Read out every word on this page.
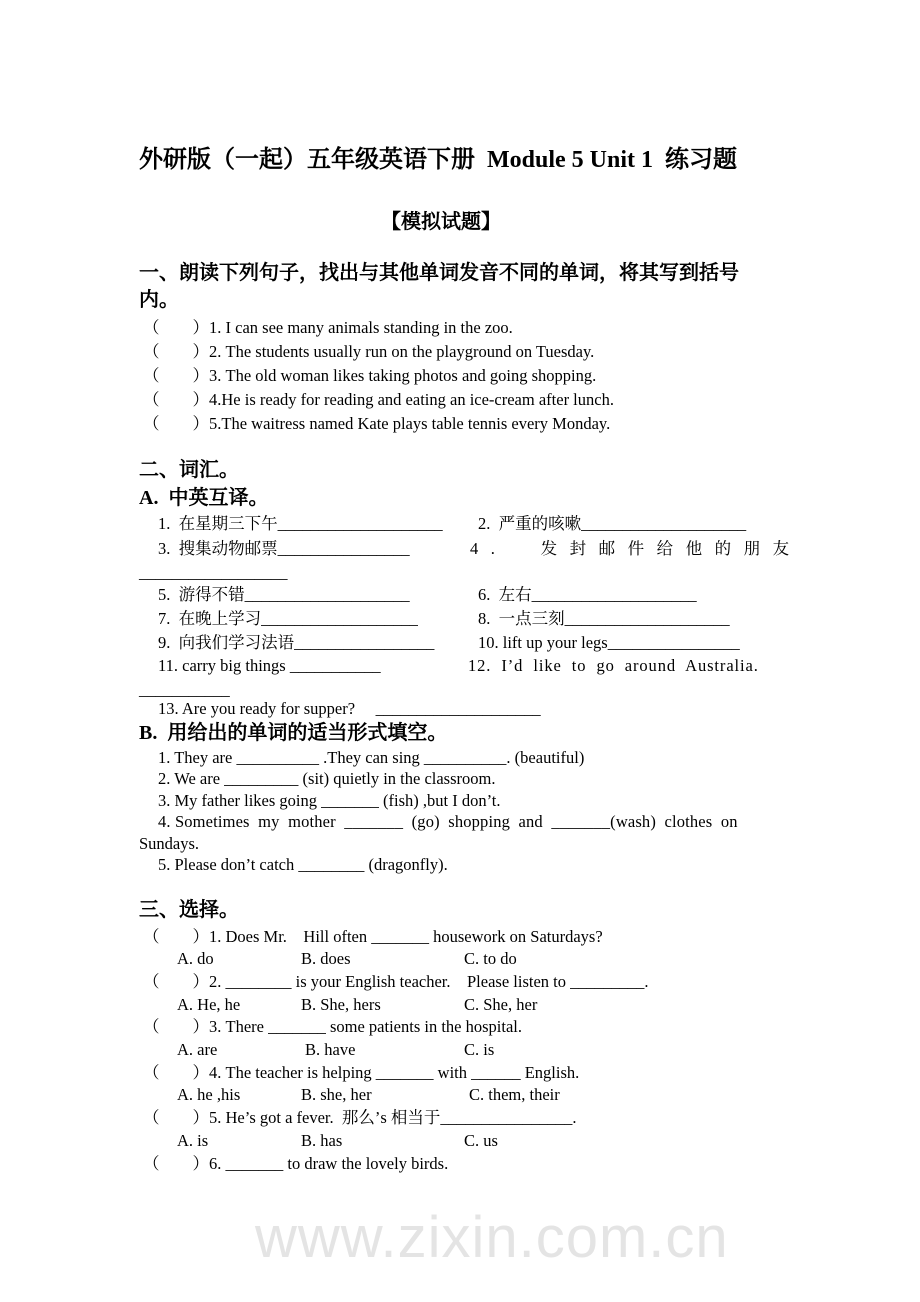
www.zixin.com.cn
外研版（一起）五年级英语下册  Module 5 Unit 1  练习题
【模拟试题】
一、朗读下列句子，找出与其他单词发音不同的单词，将其写到括号
内。
（        ）1. I can see many animals standing in the zoo.
（        ）2. The students usually run on the playground on Tuesday.
（        ）3. The old woman likes taking photos and going shopping.
（        ）4.He is ready for reading and eating an ice-cream after lunch.
（        ）5.The waitress named Kate plays table tennis every Monday.
二、词汇。
A.  中英互译。
1.  在星期三下午____________________ 2.  严重的咳嗽____________________
3.  搜集动物邮票________________	4.  发封邮件给他的朋友
__________________
5.  游得不错____________________	6.  左右____________________
7.  在晚上学习___________________	8.  一点三刻____________________
9.  向我们学习法语_________________	10. lift up your legs________________
11. carry big things ___________	12.  I’d  like  to  go  around  Australia.
___________
13. Are you ready for supper?     ____________________
B.  用给出的单词的适当形式填空。
1. They are __________ .They can sing __________. (beautiful)
2. We are _________ (sit) quietly in the classroom.
3. My father likes going _______ (fish) ,but I don’t.
4. Sometimes  my  mother  _______  (go)  shopping  and  _______(wash)  clothes  on
Sundays.
5. Please don’t catch ________ (dragonfly).
三、选择。
（        ）1. Does Mr.    Hill often _______ housework on Saturdays?
A. do	B. does	C. to do
（        ）2. ________ is your English teacher.    Please listen to _________.
A. He, he	B. She, hers	C. She, her
（        ）3. There _______ some patients in the hospital.
A. are	B. have	C. is
（        ）4. The teacher is helping _______ with ______ English.
A. he ,his	B. she, her	C. them, their
（        ）5. He’s got a fever.  那么’s 相当于________________.
A. is	B. has	C. us
（        ）6. _______ to draw the lovely birds.
